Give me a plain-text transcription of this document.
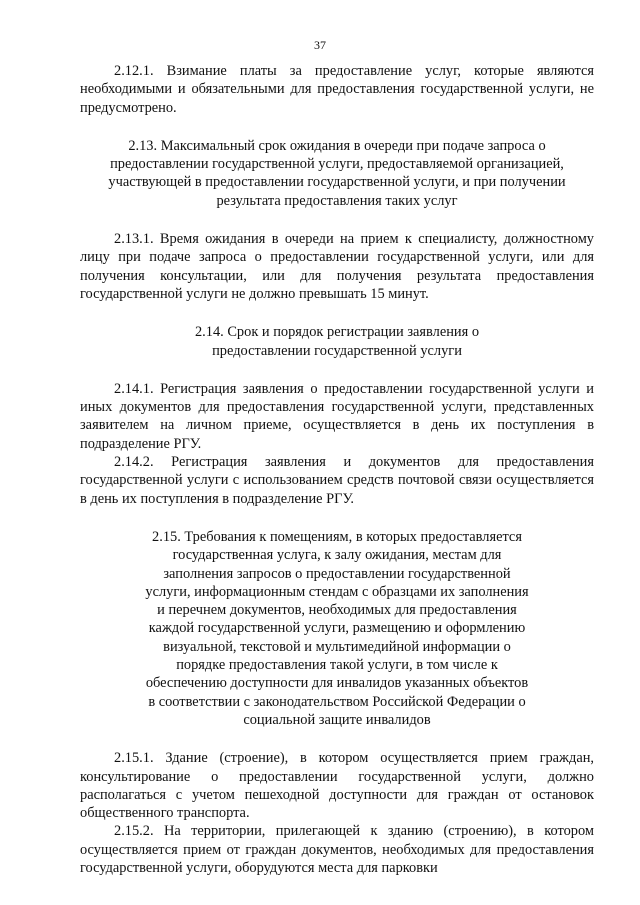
37

2.12.1. Взимание платы за предоставление услуг, которые являются необходимыми и обязательными для предоставления государственной услуги, не предусмотрено.

2.13. Максимальный срок ожидания в очереди при подаче запроса о предоставлении государственной услуги, предоставляемой организацией, участвующей в предоставлении государственной услуги, и при получении результата предоставления таких услуг

2.13.1. Время ожидания в очереди на прием к специалисту, должностному лицу при подаче запроса о предоставлении государственной услуги, или для получения консультации, или для получения результата предоставления государственной услуги не должно превышать 15 минут.

2.14. Срок и порядок регистрации заявления о предоставлении государственной услуги

2.14.1. Регистрация заявления о предоставлении государственной услуги и иных документов для предоставления государственной услуги, представленных заявителем на личном приеме, осуществляется в день их поступления в подразделение РГУ.

2.14.2. Регистрация заявления и документов для предоставления государственной услуги с использованием средств почтовой связи осуществляется в день их поступления в подразделение РГУ.

2.15. Требования к помещениям, в которых предоставляется государственная услуга, к залу ожидания, местам для заполнения запросов о предоставлении государственной услуги, информационным стендам с образцами их заполнения и перечнем документов, необходимых для предоставления каждой государственной услуги, размещению и оформлению визуальной, текстовой и мультимедийной информации о порядке предоставления такой услуги, в том числе к обеспечению доступности для инвалидов указанных объектов в соответствии с законодательством Российской Федерации о социальной защите инвалидов

2.15.1. Здание (строение), в котором осуществляется прием граждан, консультирование о предоставлении государственной услуги, должно располагаться с учетом пешеходной доступности для граждан от остановок общественного транспорта.

2.15.2. На территории, прилегающей к зданию (строению), в котором осуществляется прием от граждан документов, необходимых для предоставления государственной услуги, оборудуются места для парковки
